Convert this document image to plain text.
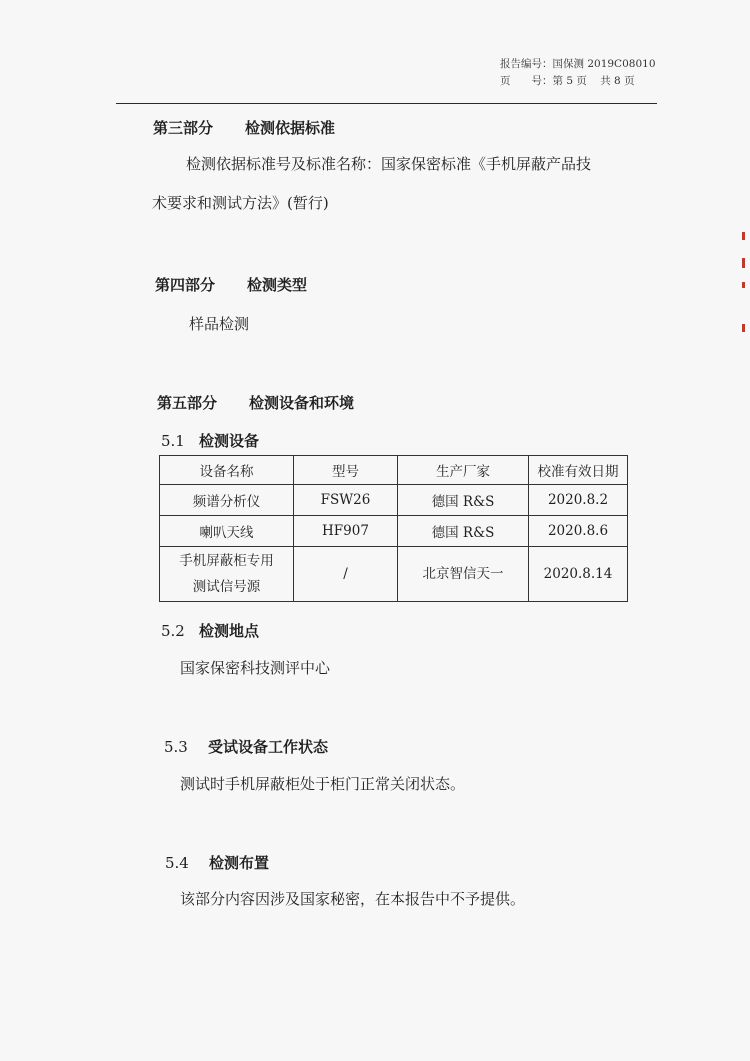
报告编号：国保测 2019C08010
页　　号：第 5 页 共 8 页
第三部分 检测依据标准
检测依据标准号及标准名称：国家保密标准《手机屏蔽产品技
术要求和测试方法》(暂行)
第四部分 检测类型
样品检测
第五部分 检测设备和环境
5.1 检测设备
设备名称	型号	生产厂家	校准有效日期
频谱分析仪	FSW26	德国 R&S	2020.8.2
喇叭天线	HF907	德国 R&S	2020.8.6
手机屏蔽柜专用
测试信号源	/	北京智信天一	2020.8.14
5.2 检测地点
国家保密科技测评中心
5.3 受试设备工作状态
测试时手机屏蔽柜处于柜门正常关闭状态。
5.4 检测布置
该部分内容因涉及国家秘密，在本报告中不予提供。
